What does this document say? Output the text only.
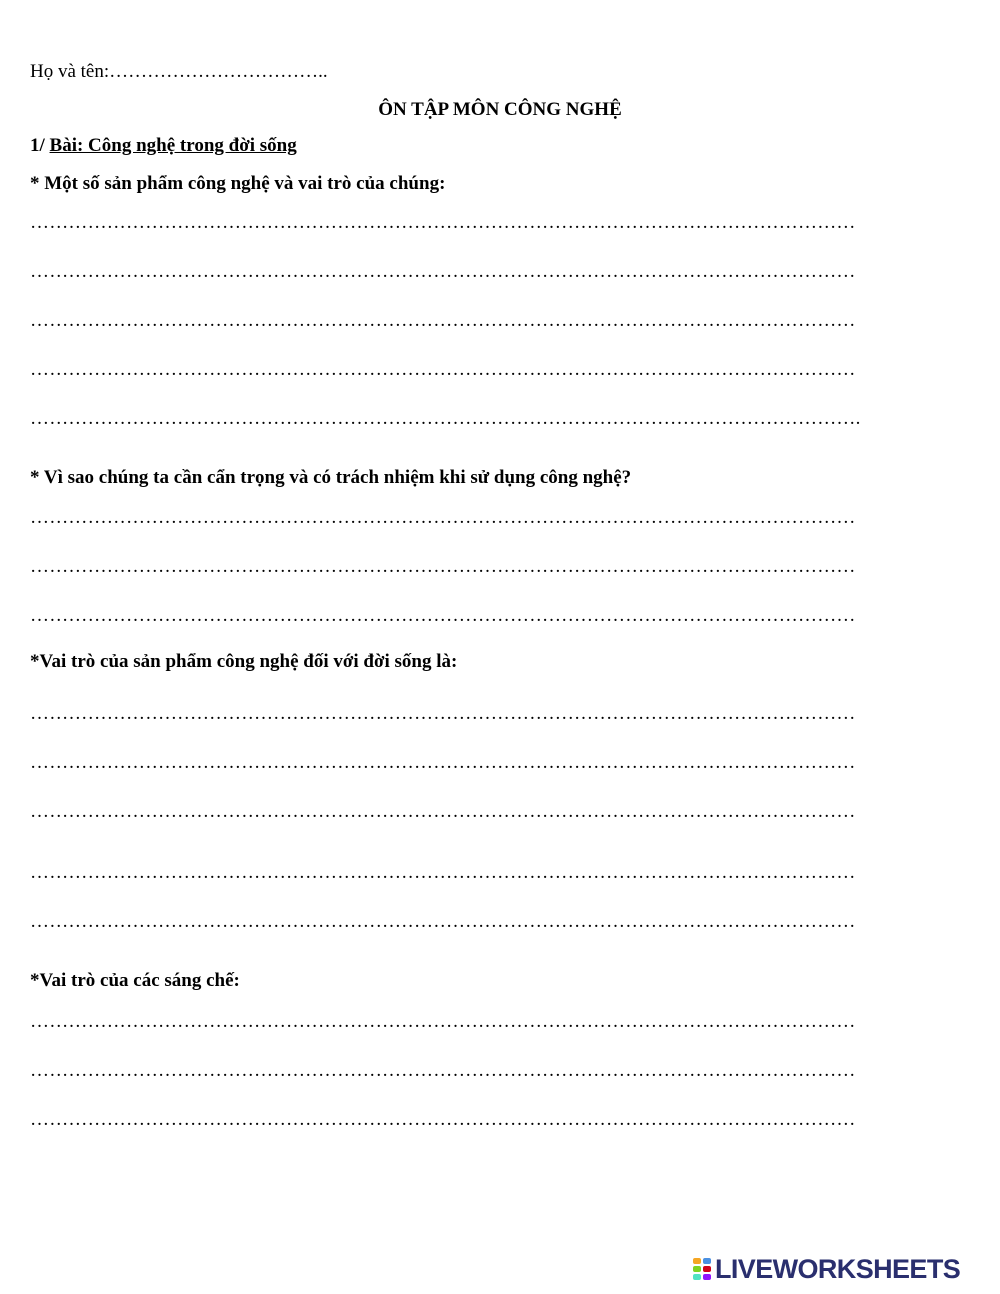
Họ và tên:……………………………..
ÔN TẬP MÔN CÔNG NGHỆ
1/ Bài: Công nghệ trong đời sống
* Một số sản phẩm công nghệ và vai trò của chúng:
…………………………………………………………………………………………………………………
…………………………………………………………………………………………………………………
…………………………………………………………………………………………………………………
…………………………………………………………………………………………………………………
………………………………………………………………………………………………………………….
* Vì sao chúng ta cần cẩn trọng và có trách nhiệm khi sử dụng công nghệ?
…………………………………………………………………………………………………………………
…………………………………………………………………………………………………………………
…………………………………………………………………………………………………………………
*Vai trò của sản phẩm công nghệ đối với đời sống là:
…………………………………………………………………………………………………………………
…………………………………………………………………………………………………………………
…………………………………………………………………………………………………………………
…………………………………………………………………………………………………………………
…………………………………………………………………………………………………………………
*Vai trò của các sáng chế:
…………………………………………………………………………………………………………………
…………………………………………………………………………………………………………………
…………………………………………………………………………………………………………………
LIVEWORKSHEETS
